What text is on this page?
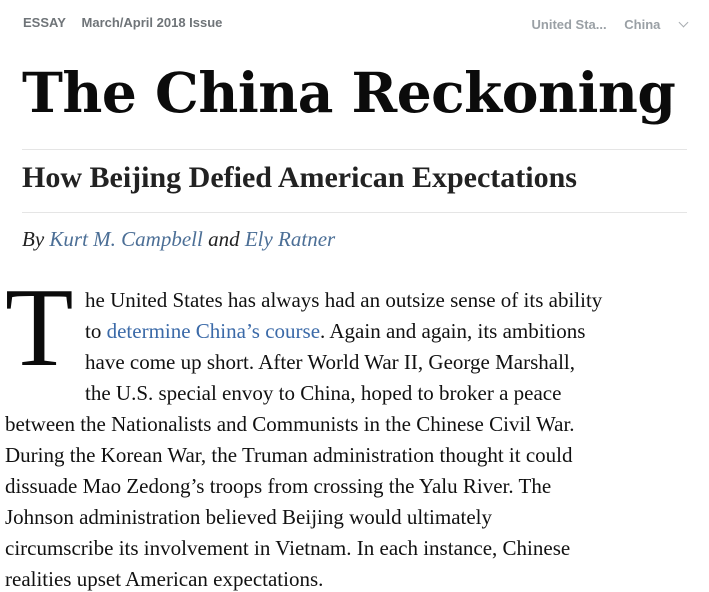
ESSAY March/April 2018 Issue	United Sta... China
The China Reckoning
How Beijing Defied American Expectations
By Kurt M. Campbell and Ely Ratner
T he United States has always had an outsize sense of its ability
to determine China’s course. Again and again, its ambitions
have come up short. After World War II, George Marshall,
the U.S. special envoy to China, hoped to broker a peace
between the Nationalists and Communists in the Chinese Civil War.
During the Korean War, the Truman administration thought it could
dissuade Mao Zedong’s troops from crossing the Yalu River. The
Johnson administration believed Beijing would ultimately
circumscribe its involvement in Vietnam. In each instance, Chinese
realities upset American expectations.
